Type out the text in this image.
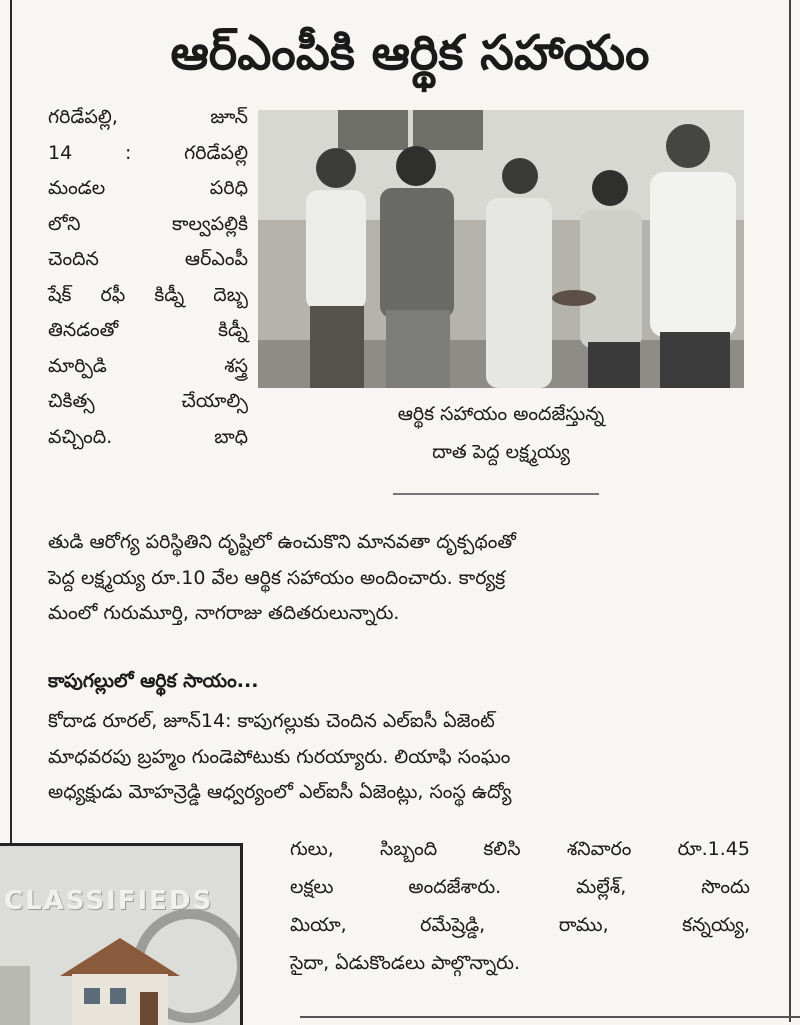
ఆర్ఎంపీకి ఆర్థిక సహాయం

గరిడేపల్లి, జూన్

14 : గరిడేపల్లి

మండల పరిధి

లోని కాల్వపల్లికి

చెందిన ఆర్ఎంపీ

షేక్ రఫీ కిడ్నీ దెబ్బ

తినడంతో కిడ్నీ

మార్పిడి శస్త్ర

చికిత్స చేయాల్సి

వచ్చింది. బాధి

ఆర్థిక సహాయం అందజేస్తున్న
దాత పెద్ద లక్ష్మయ్య

తుడి ఆరోగ్య పరిస్థితిని దృష్టిలో ఉంచుకొని మానవతా దృక్పథంతో

పెద్ద లక్ష్మయ్య రూ.10 వేల ఆర్థిక సహాయం అందించారు. కార్యక్ర

మంలో గురుమూర్తి, నాగరాజు తదితరులున్నారు.

కాపుగల్లులో ఆర్థిక సాయం...

కోదాడ రూరల్, జూన్14: కాపుగల్లుకు చెందిన ఎల్ఐసీ ఏజెంట్

మాధవరపు బ్రహ్మం గుండెపోటుకు గురయ్యారు. లియాఫి సంఘం

అధ్యక్షుడు మోహన్రెడ్డి ఆధ్వర్యంలో ఎల్ఐసీ ఏజెంట్లు, సంస్థ ఉద్యో

గులు, సిబ్బంది కలిసి శనివారం రూ.1.45

లక్షలు అందజేశారు. మల్లేశ్, సొందు

మియా, రమేష్రెడ్డి, రాము, కన్నయ్య,

సైదా, ఏడుకొండలు పాల్గొన్నారు.

CLASSIFIEDS
